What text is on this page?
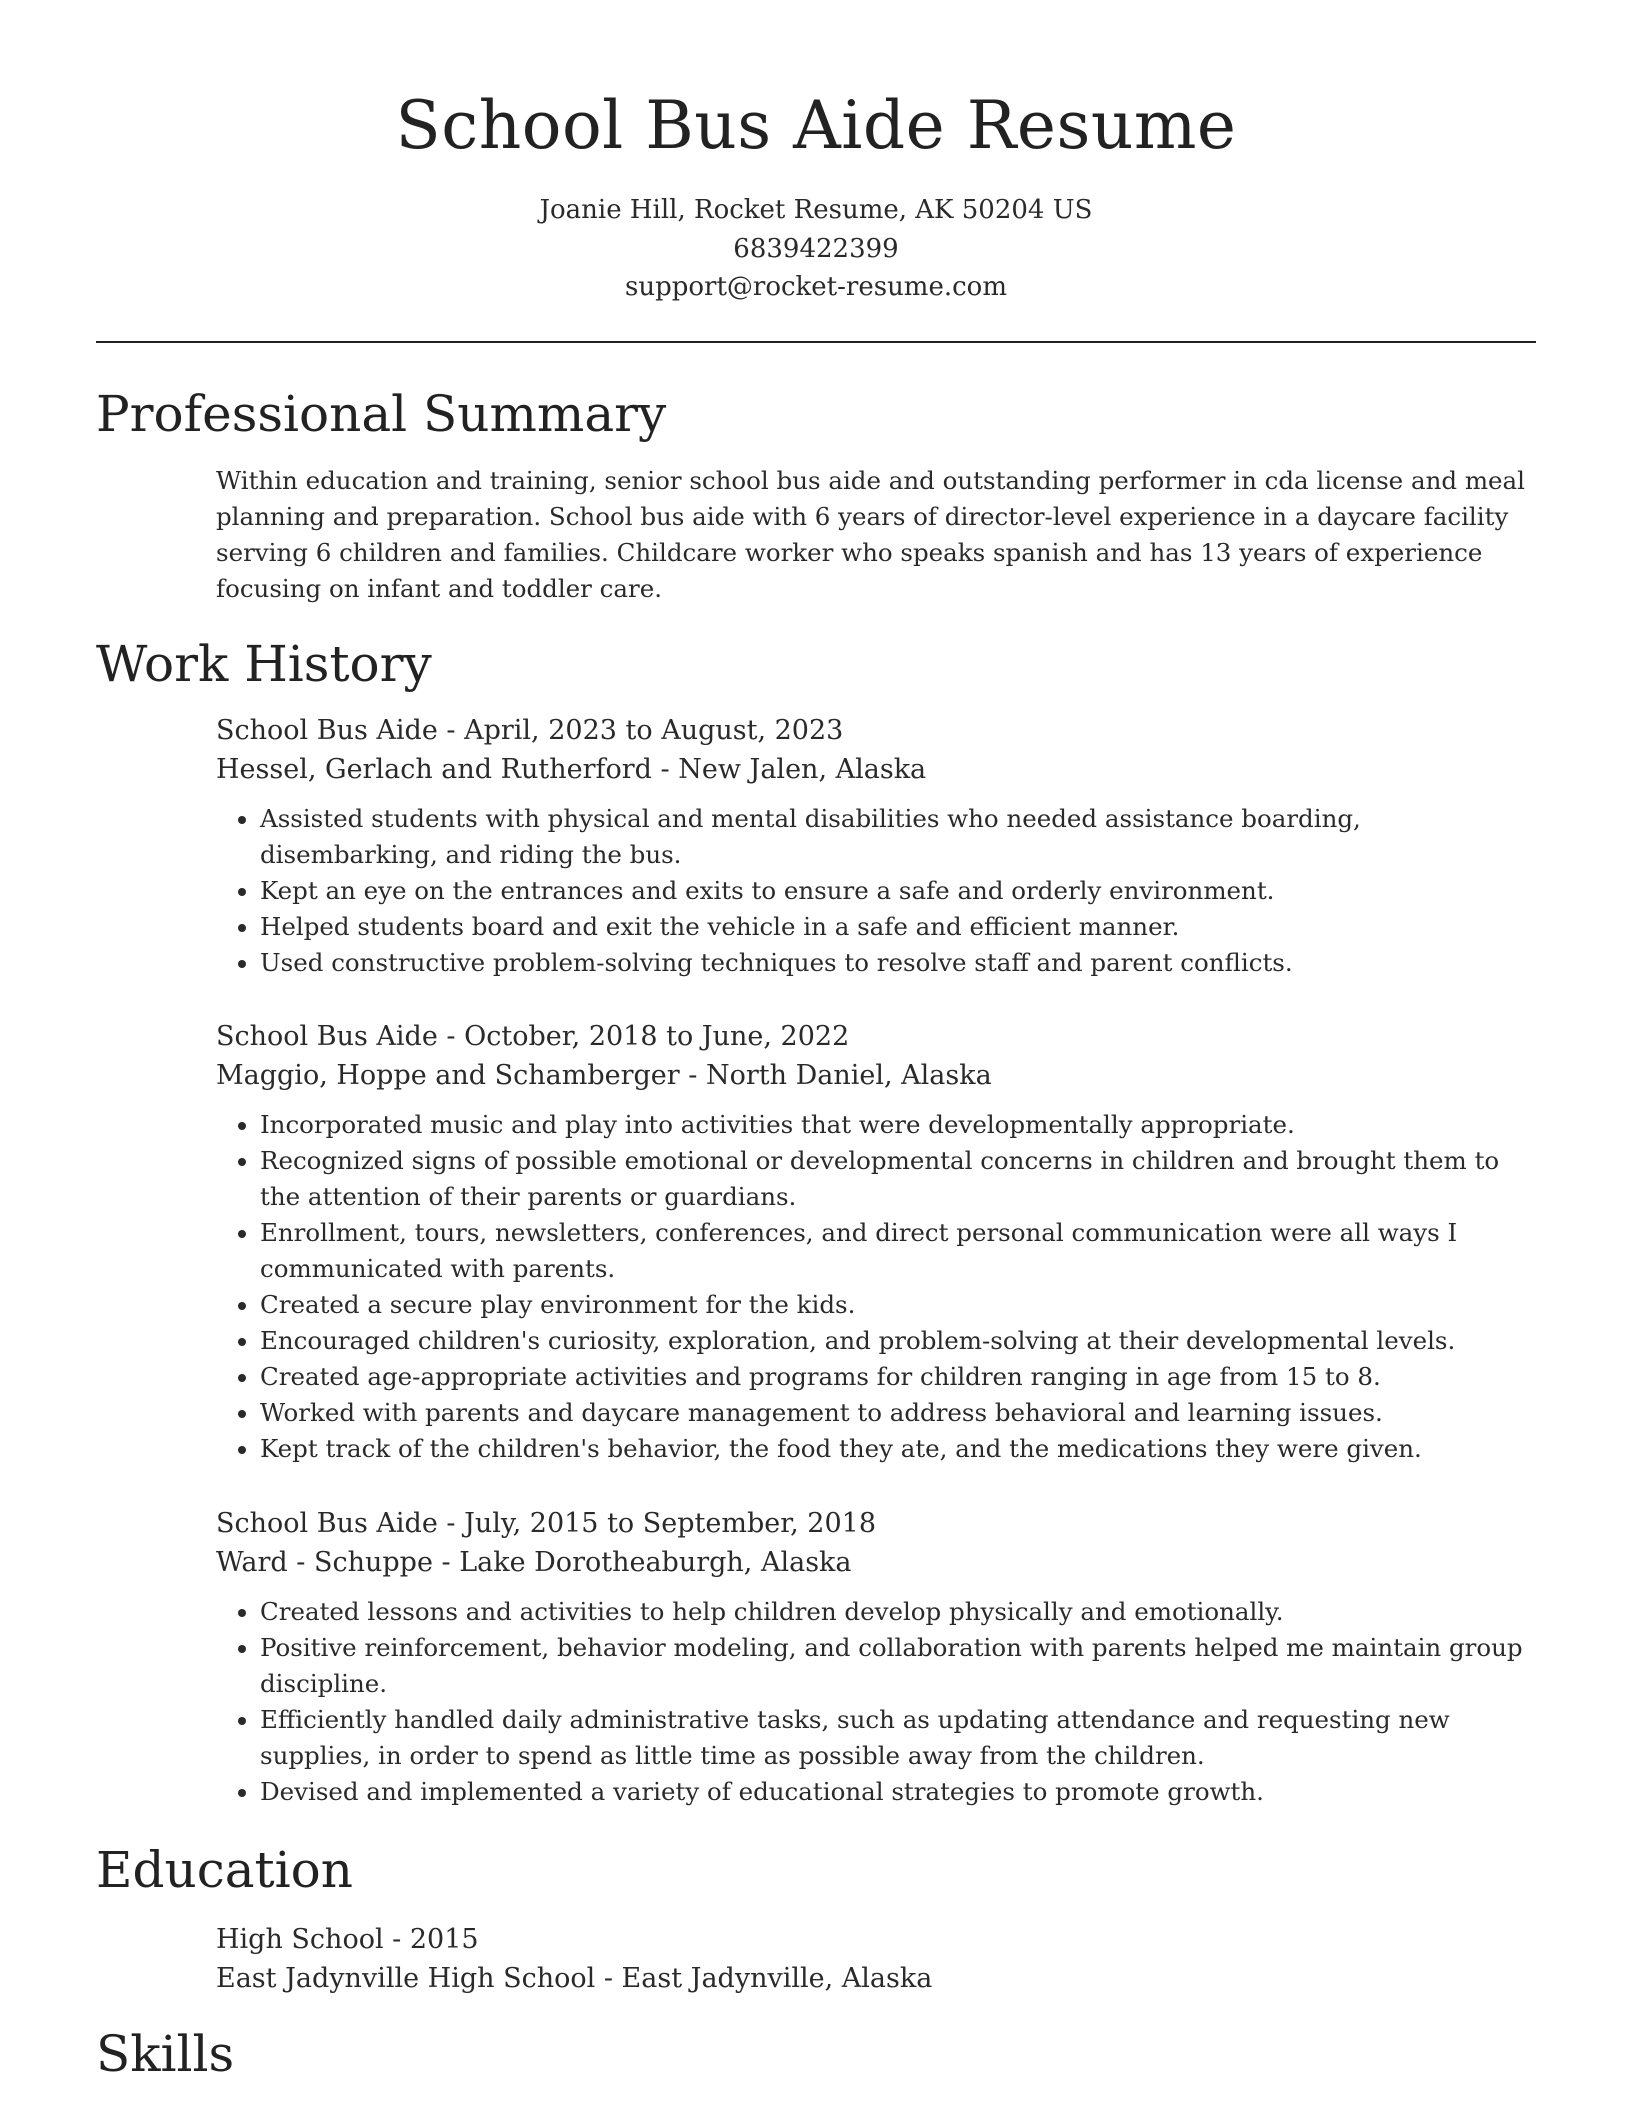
School Bus Aide Resume
Joanie Hill, Rocket Resume, AK 50204 US
6839422399
support@rocket-resume.com
Professional Summary
Within education and training, senior school bus aide and outstanding performer in cda license and meal planning and preparation. School bus aide with 6 years of director-level experience in a daycare facility serving 6 children and families. Childcare worker who speaks spanish and has 13 years of experience focusing on infant and toddler care.
Work History
School Bus Aide - April, 2023 to August, 2023
Hessel, Gerlach and Rutherford - New Jalen, Alaska
• Assisted students with physical and mental disabilities who needed assistance boarding, disembarking, and riding the bus.
• Kept an eye on the entrances and exits to ensure a safe and orderly environment.
• Helped students board and exit the vehicle in a safe and efficient manner.
• Used constructive problem-solving techniques to resolve staff and parent conflicts.
School Bus Aide - October, 2018 to June, 2022
Maggio, Hoppe and Schamberger - North Daniel, Alaska
• Incorporated music and play into activities that were developmentally appropriate.
• Recognized signs of possible emotional or developmental concerns in children and brought them to the attention of their parents or guardians.
• Enrollment, tours, newsletters, conferences, and direct personal communication were all ways I communicated with parents.
• Created a secure play environment for the kids.
• Encouraged children's curiosity, exploration, and problem-solving at their developmental levels.
• Created age-appropriate activities and programs for children ranging in age from 15 to 8.
• Worked with parents and daycare management to address behavioral and learning issues.
• Kept track of the children's behavior, the food they ate, and the medications they were given.
School Bus Aide - July, 2015 to September, 2018
Ward - Schuppe - Lake Dorotheaburgh, Alaska
• Created lessons and activities to help children develop physically and emotionally.
• Positive reinforcement, behavior modeling, and collaboration with parents helped me maintain group discipline.
• Efficiently handled daily administrative tasks, such as updating attendance and requesting new supplies, in order to spend as little time as possible away from the children.
• Devised and implemented a variety of educational strategies to promote growth.
Education
High School - 2015
East Jadynville High School - East Jadynville, Alaska
Skills
